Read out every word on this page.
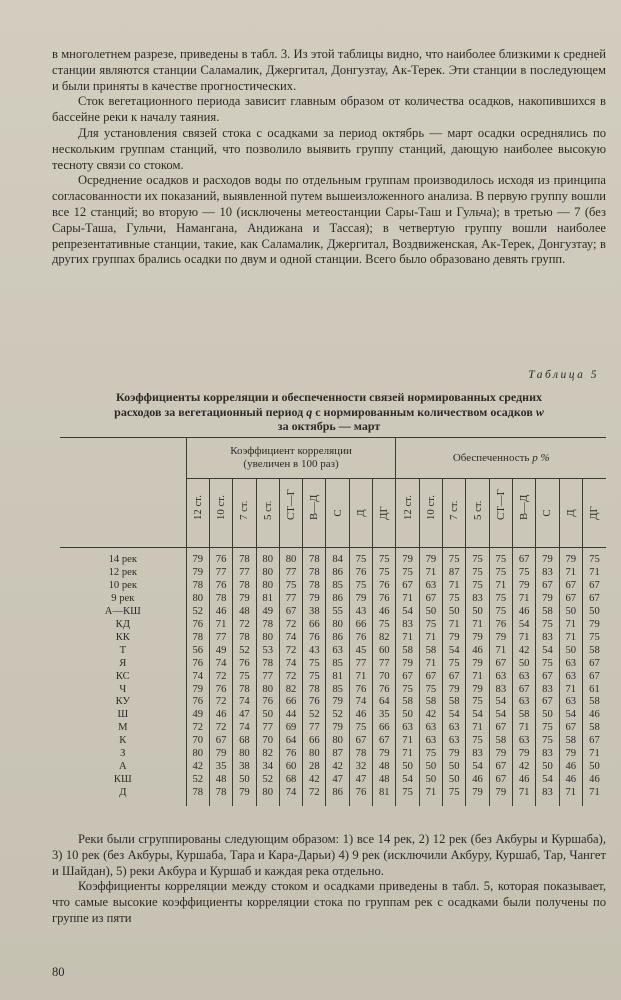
в многолетнем разрезе, приведены в табл. 3. Из этой таблицы видно, что наиболее близкими к средней станции являются станции Саламалик, Джергитал, Донгузтау, Ак-Терек. Эти станции в последующем и были приняты в качестве прогностических.

Сток вегетационного периода зависит главным образом от количества осадков, накопившихся в бассейне реки к началу таяния.

Для установления связей стока с осадками за период октябрь — март осадки осреднялись по нескольким группам станций, что позволило выявить группу станций, дающую наиболее высокую тесноту связи со стоком.

Осреднение осадков и расходов воды по отдельным группам производилось исходя из принципа согласованности их показаний, выявленной путем вышеизложенного анализа. В первую группу вошли все 12 станций; во вторую — 10 (исключены метеостанции Сары-Таш и Гульча); в третью — 7 (без Сары-Таша, Гульчи, Намангана, Андижана и Тассая); в четвертую группу вошли наиболее репрезентативные станции, такие, как Саламалик, Джергитал, Воздвиженская, Ак-Терек, Донгузтау; в других группах брались осадки по двум и одной станции. Всего было образовано девять групп.

Таблица 5
Коэффициенты корреляции и обеспеченности связей нормированных средних
расходов за вегетационный период q с нормированным количеством осадков w
за октябрь — март

	Коэффициент корреляции
(увеличен в 100 раз)									Обеспеченность p %								
	12 ст.	10 ст.	7 ст.	5 ст.	СТ—Г	В—Д	С	Д	ДГ	12 ст.	10 ст.	7 ст.	5 ст.	СТ—Г	В—Д	С	Д	ДГ
14 рек	79	76	78	80	80	78	84	75	75	79	79	75	75	75	67	79	79	75
12 рек	79	77	77	80	77	78	86	76	75	75	71	87	75	75	75	83	71	71
10 рек	78	76	78	80	75	78	85	75	76	67	63	71	75	71	79	67	67	67
9 рек	80	78	79	81	77	79	86	79	76	71	67	75	83	75	71	79	67	67
А—КШ	52	46	48	49	67	38	55	43	46	54	50	50	50	75	46	58	50	50
КД	76	71	72	78	72	66	80	66	75	83	75	71	71	76	54	75	71	79
КК	78	77	78	80	74	76	86	76	82	71	71	79	79	79	71	83	71	75
Т	56	49	52	53	72	43	63	45	60	58	58	54	46	71	42	54	50	58
Я	76	74	76	78	74	75	85	77	77	79	71	75	79	67	50	75	63	67
КС	74	72	75	77	72	75	81	71	70	67	67	67	71	63	63	67	63	67
Ч	79	76	78	80	82	78	85	76	76	75	75	79	79	83	67	83	71	61
КУ	76	72	74	76	66	76	79	74	64	58	58	58	75	54	63	67	63	58
Ш	49	46	47	50	44	52	52	46	35	50	42	54	54	54	58	50	54	46
М	72	72	74	77	69	77	79	75	66	63	63	63	71	67	71	75	67	58
К	70	67	68	70	64	66	80	67	67	71	63	63	75	58	63	75	58	67
З	80	79	80	82	76	80	87	78	79	71	75	79	83	79	79	83	79	71
А	42	35	38	34	60	28	42	32	48	50	50	50	54	67	42	50	46	50
КШ	52	48	50	52	68	42	47	47	48	54	50	50	46	67	46	54	46	46
Д	78	78	79	80	74	72	86	76	81	75	71	75	79	79	71	83	71	71

Реки были сгруппированы следующим образом: 1) все 14 рек, 2) 12 рек (без Акбуры и Куршаба), 3) 10 рек (без Акбуры, Куршаба, Тара и Кара-Дарьи) 4) 9 рек (исключили Акбуру, Куршаб, Тар, Чангет и Шайдан), 5) реки Акбура и Куршаб и каждая река отдельно.

Коэффициенты корреляции между стоком и осадками приведены в табл. 5, которая показывает, что самые высокие коэффициенты корреляции стока по группам рек с осадками были получены по группе из пяти

80
